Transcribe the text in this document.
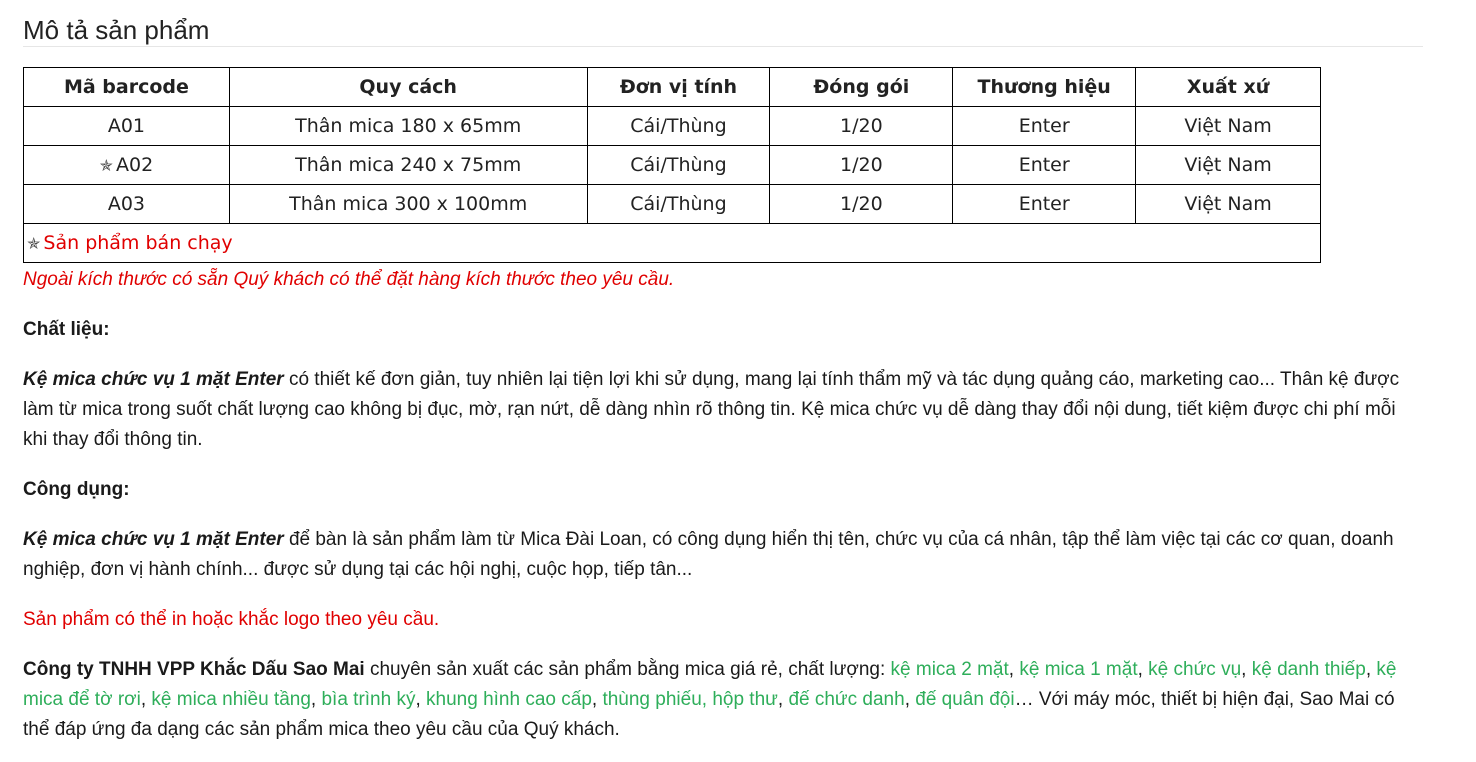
Mô tả sản phẩm
Mã barcode	Quy cách	Đơn vị tính	Đóng gói	Thương hiệu	Xuất xứ
A01	Thân mica 180 x 65mm	Cái/Thùng	1/20	Enter	Việt Nam
✯ A02	Thân mica 240 x 75mm	Cái/Thùng	1/20	Enter	Việt Nam
A03	Thân mica 300 x 100mm	Cái/Thùng	1/20	Enter	Việt Nam
✯ Sản phẩm bán chạy					

Ngoài kích thước có sẵn Quý khách có thể đặt hàng kích thước theo yêu cầu.

Chất liệu:

Kệ mica chức vụ 1 mặt Enter có thiết kế đơn giản, tuy nhiên lại tiện lợi khi sử dụng, mang lại tính thẩm mỹ và tác dụng quảng cáo, marketing cao... Thân kệ được làm từ mica trong suốt chất lượng cao không bị đục, mờ, rạn nứt, dễ dàng nhìn rõ thông tin. Kệ mica chức vụ dễ dàng thay đổi nội dung, tiết kiệm được chi phí mỗi khi thay đổi thông tin.

Công dụng:

Kệ mica chức vụ 1 mặt Enter để bàn là sản phẩm làm từ Mica Đài Loan, có công dụng hiển thị tên, chức vụ của cá nhân, tập thể làm việc tại các cơ quan, doanh nghiệp, đơn vị hành chính... được sử dụng tại các hội nghị, cuộc họp, tiếp tân...

Sản phẩm có thể in hoặc khắc logo theo yêu cầu.

Công ty TNHH VPP Khắc Dấu Sao Mai chuyên sản xuất các sản phẩm bằng mica giá rẻ, chất lượng: kệ mica 2 mặt, kệ mica 1 mặt, kệ chức vụ, kệ danh thiếp, kệ mica để tờ rơi, kệ mica nhiều tầng, bìa trình ký, khung hình cao cấp, thùng phiếu, hộp thư, đế chức danh, đế quân đội… Với máy móc, thiết bị hiện đại, Sao Mai có thể đáp ứng đa dạng các sản phẩm mica theo yêu cầu của Quý khách.
